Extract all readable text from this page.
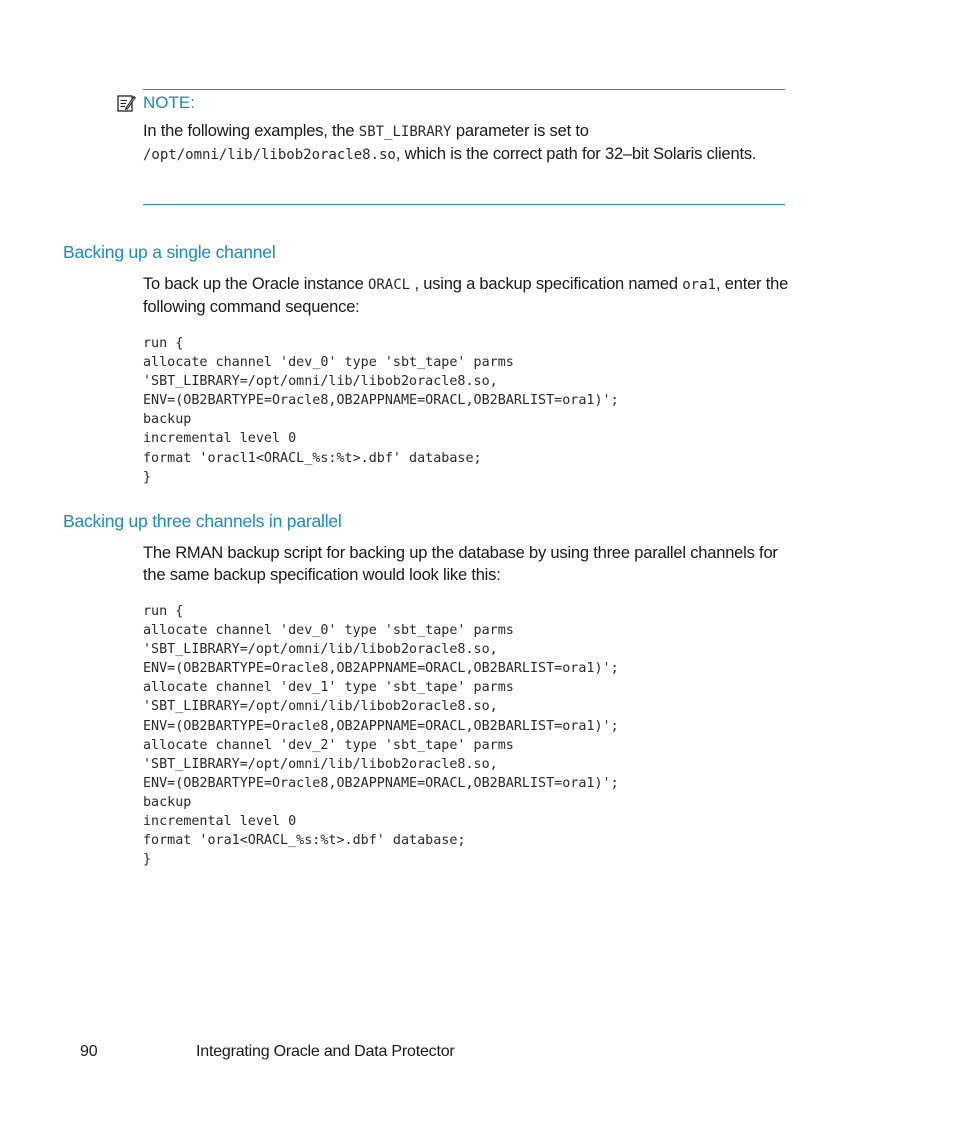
NOTE:
In the following examples, the SBT_LIBRARY parameter is set to
/opt/omni/lib/libob2oracle8.so, which is the correct path for 32–bit Solaris clients.
Backing up a single channel
To back up the Oracle instance ORACL , using a backup specification named ora1, enter the following command sequence:
run {
allocate channel 'dev_0' type 'sbt_tape' parms
'SBT_LIBRARY=/opt/omni/lib/libob2oracle8.so,
ENV=(OB2BARTYPE=Oracle8,OB2APPNAME=ORACL,OB2BARLIST=ora1)';
backup
incremental level 0
format 'oracl1<ORACL_%s:%t>.dbf' database;
}
Backing up three channels in parallel
The RMAN backup script for backing up the database by using three parallel channels for the same backup specification would look like this:
run {
allocate channel 'dev_0' type 'sbt_tape' parms
'SBT_LIBRARY=/opt/omni/lib/libob2oracle8.so,
ENV=(OB2BARTYPE=Oracle8,OB2APPNAME=ORACL,OB2BARLIST=ora1)';
allocate channel 'dev_1' type 'sbt_tape' parms
'SBT_LIBRARY=/opt/omni/lib/libob2oracle8.so,
ENV=(OB2BARTYPE=Oracle8,OB2APPNAME=ORACL,OB2BARLIST=ora1)';
allocate channel 'dev_2' type 'sbt_tape' parms
'SBT_LIBRARY=/opt/omni/lib/libob2oracle8.so,
ENV=(OB2BARTYPE=Oracle8,OB2APPNAME=ORACL,OB2BARLIST=ora1)';
backup
incremental level 0
format 'ora1<ORACL_%s:%t>.dbf' database;
}
90	Integrating Oracle and Data Protector
